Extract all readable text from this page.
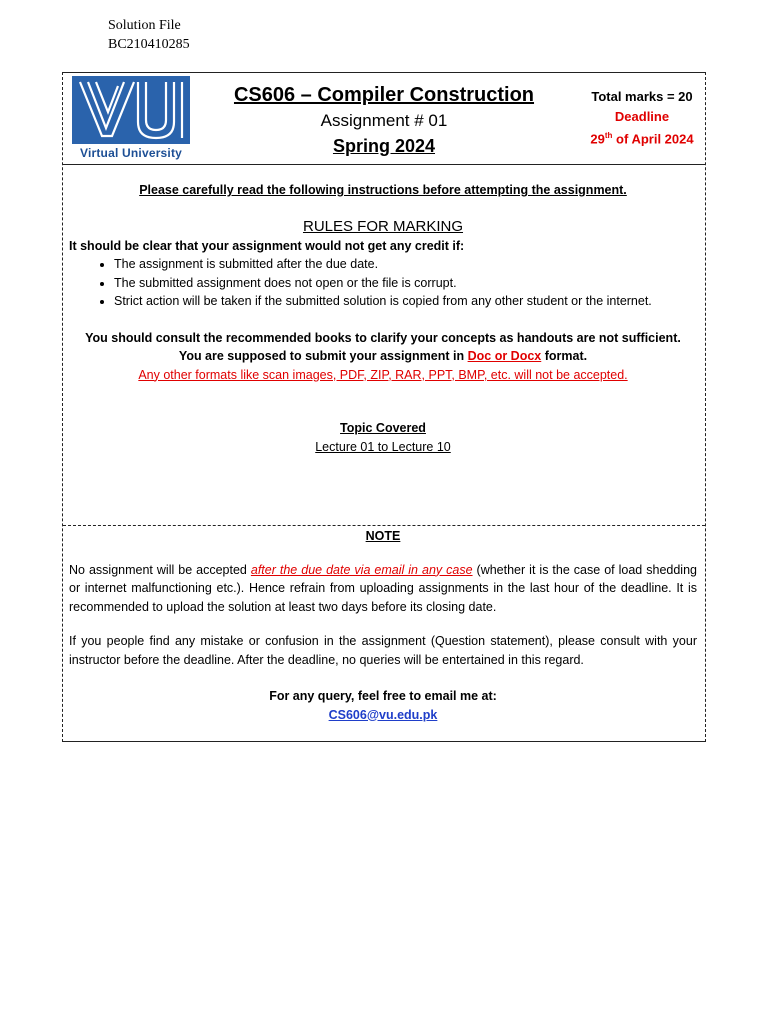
Solution File
BC210410285
Virtual University
CS606 – Compiler Construction
Assignment # 01
Spring 2024
Total marks = 20
Deadline
29th of April 2024
Please carefully read the following instructions before attempting the assignment.
RULES FOR MARKING
It should be clear that your assignment would not get any credit if:
• The assignment is submitted after the due date.
• The submitted assignment does not open or the file is corrupt.
• Strict action will be taken if the submitted solution is copied from any other student or the internet.
You should consult the recommended books to clarify your concepts as handouts are not sufficient.
You are supposed to submit your assignment in Doc or Docx format.
Any other formats like scan images, PDF, ZIP, RAR, PPT, BMP, etc. will not be accepted.
Topic Covered
Lecture 01 to Lecture 10
NOTE
No assignment will be accepted after the due date via email in any case (whether it is the case of load shedding or internet malfunctioning etc.). Hence refrain from uploading assignments in the last hour of the deadline. It is recommended to upload the solution at least two days before its closing date.
If you people find any mistake or confusion in the assignment (Question statement), please consult with your instructor before the deadline. After the deadline, no queries will be entertained in this regard.
For any query, feel free to email me at:
CS606@vu.edu.pk
